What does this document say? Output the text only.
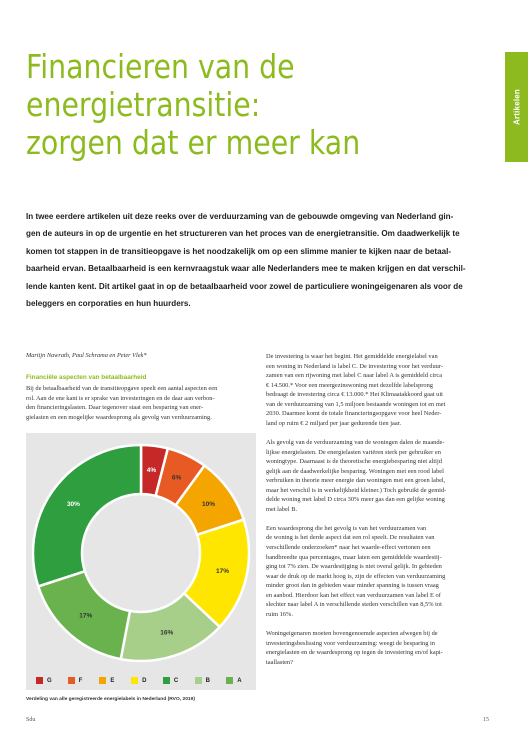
Artikelen
Financieren van de
energietransitie:
zorgen dat er meer kan

In twee eerdere artikelen uit deze reeks over de verduurzaming van de gebouwde omgeving van Nederland gin-
gen de auteurs in op de urgentie en het structureren van het proces van de energietransitie. Om daadwerkelijk te
komen tot stappen in de transitieopgave is het noodzakelijk om op een slimme manier te kijken naar de betaal-
baarheid ervan. Betaalbaarheid is een kernvraagstuk waar alle Nederlanders mee te maken krijgen en dat verschil-
lende kanten kent. Dit artikel gaat in op de betaalbaarheid voor zowel de particuliere woningeigenaren als voor de
beleggers en corporaties en hun huurders.

Martijn Nawrath, Paul Schrama en Peter Vlek*

Financiële aspecten van betaalbaarheid

Bij de betaalbaarheid van de transitieopgave speelt een aantal aspecten een
rol. Aan de ene kant is er sprake van investeringen en de daar aan verbon-
den financieringslasten. Daar tegenover staat een besparing van ener-
gielasten en een mogelijke waardesprong als gevolg van verduurzaming.

4%
6%
10%
17%
16%
17%
30%
G	F	E	D	C	B	A

Verdeling van alle geregistreerde energielabels in Nederland (RVO, 2019)

De investering is waar het begint. Het gemiddelde energielabel van
een woning in Nederland is label C. De investering voor het verduur-
zamen van een rijwoning met label C naar label A is gemiddeld circa
€ 14.500.* Voor een meergezinswoning met dezelfde labelsprong
bedraagt de investering circa € 13.000.* Het Klimaatakkoord gaat uit
van de verduurzaming van 1,5 miljoen bestaande woningen tot en met
2030. Daarmee komt de totale financieringsopgave voor heel Neder-
land op ruim € 2 miljard per jaar gedurende tien jaar.

Als gevolg van de verduurzaming van de woningen dalen de maande-
lijkse energielasten. De energielasten variëren sterk per gebruiker en
woningtype. Daarnaast is de theoretische energiebesparing niet altijd
gelijk aan de daadwerkelijke besparing. Woningen met een rood label
verbruiken in theorie meer energie dan woningen met een groen label,
maar het verschil is in werkelijkheid kleiner.) Toch gebruikt de gemid-
delde woning met label D circa 30% meer gas dan een gelijke woning
met label B.

Een waardesprong die het gevolg is van het verduurzamen van
de woning is het derde aspect dat een rol speelt. De resultaten van
verschillende onderzoeken* naar het waarde-effect vertonen een
bandbreedte qua percentages, maar laten een gemiddelde waardestij-
ging tot 7% zien. De waardestijging is niet overal gelijk. In gebieden
waar de druk op de markt hoog is, zijn de effecten van verduurzaming
minder groot dan in gebieden waar minder spanning is tussen vraag
en aanbod. Hierdoor kan het effect van verduurzamen van label E of
slechter naar label A in verschillende steden verschillen van 8,5% tot
ruim 16%.

Woningeigenaren moeten bovengenoemde aspecten afwegen bij de
investeringsbeslissing voor verduurzaming: weegt de besparing in
energielasten en de waardesprong op tegen de investering en/of kapi-
taallasten?

Sdu	15
